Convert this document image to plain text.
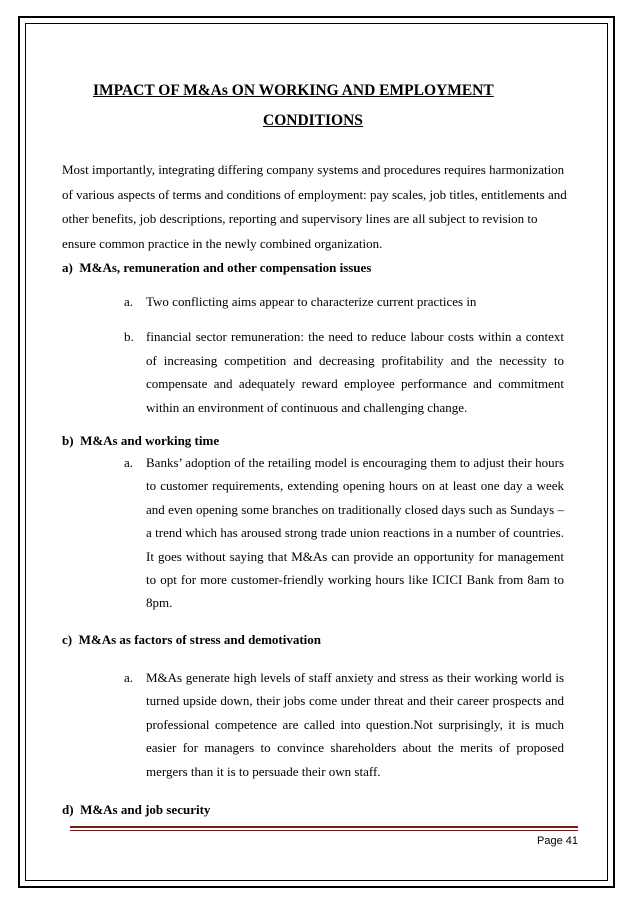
IMPACT OF M&As ON WORKING AND EMPLOYMENT
CONDITIONS

Most importantly, integrating differing company systems and procedures requires harmonization of various aspects of terms and conditions of employment: pay scales, job titles, entitlements and other benefits, job descriptions, reporting and supervisory lines are all subject to revision to ensure common practice in the newly combined organization.

a) M&As, remuneration and other compensation issues

a. Two conflicting aims appear to characterize current practices in

b. financial sector remuneration: the need to reduce labour costs within a context of increasing competition and decreasing profitability and the necessity to compensate and adequately reward employee performance and commitment within an environment of continuous and challenging change.

b) M&As and working time

a. Banks’ adoption of the retailing model is encouraging them to adjust their hours to customer requirements, extending opening hours on at least one day a week and even opening some branches on traditionally closed days such as Sundays – a trend which has aroused strong trade union reactions in a number of countries. It goes without saying that M&As can provide an opportunity for management to opt for more customer-friendly working hours like ICICI Bank from 8am to 8pm.

c) M&As as factors of stress and demotivation

a. M&As generate high levels of staff anxiety and stress as their working world is turned upside down, their jobs come under threat and their career prospects and professional competence are called into question.Not surprisingly, it is much easier for managers to convince shareholders about the merits of proposed mergers than it is to persuade their own staff.

d) M&As and job security

Page 41
